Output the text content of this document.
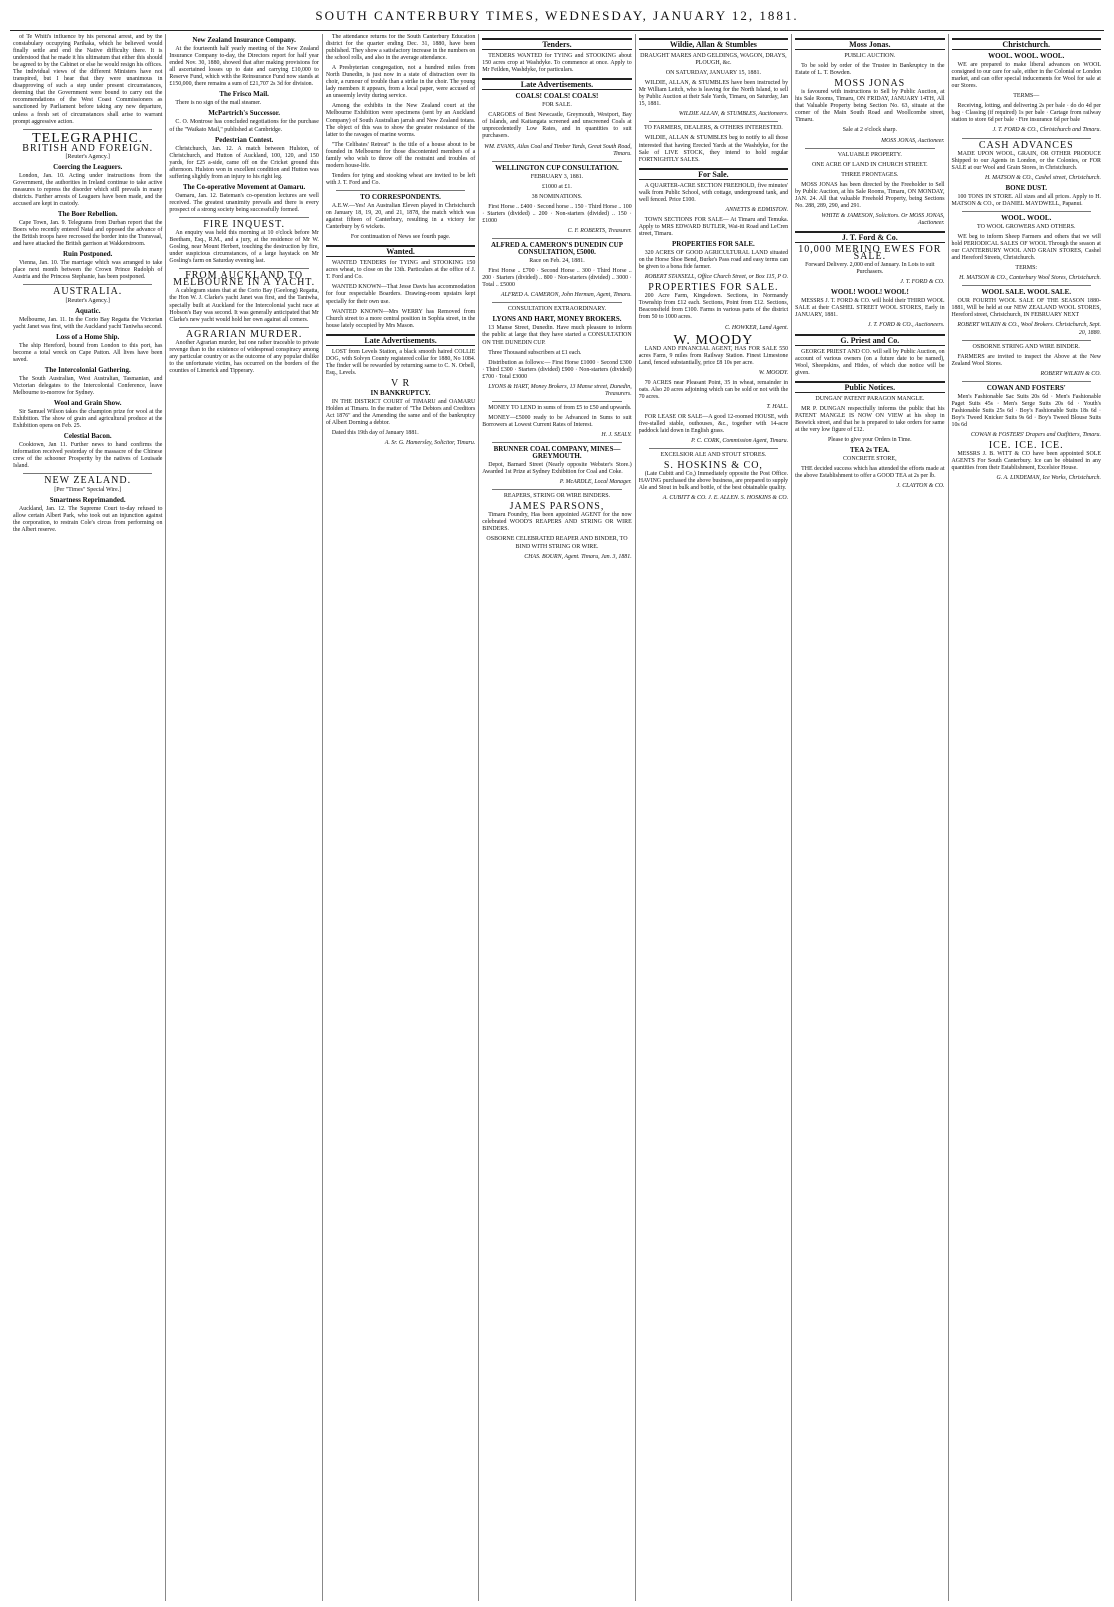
SOUTH CANTERBURY TIMES, WEDNESDAY, JANUARY 12, 1881.

of Te Whiti's influence by his personal arrest, and by the constabulary occupying Parihaka, which he believed would finally settle and end the Native difficulty there. It is understood that he made it his ultimatum that either this should be agreed to by the Cabinet or else he would resign his offices. The individual views of the different Ministers have not transpired, but I hear that they were unanimous in disapproving of such a step under present circumstances, deeming that the Government were bound to carry out the recommendations of the West Coast Commissioners as sanctioned by Parliament before taking any new departure, unless a fresh set of circumstances shall arise to warrant prompt aggressive action.

TELEGRAPHIC.
BRITISH AND FOREIGN.
[Reuter's Agency.]
Coercing the Leaguers.

London, Jan. 10. Acting under instructions from the Government, the authorities in Ireland continue to take active measures to repress the disorder which still prevails in many districts. Further arrests of Leaguers have been made, and the accused are kept in custody.

The Boer Rebellion.

Cape Town, Jan. 9. Telegrams from Durban report that the Boers who recently entered Natal and opposed the advance of the British troops have recrossed the border into the Transvaal, and have attacked the British garrison at Wakkerstroom.

Ruin Postponed.

Vienna, Jan. 10. The marriage which was arranged to take place next month between the Crown Prince Rudolph of Austria and the Princess Stephanie, has been postponed.

AUSTRALIA.
[Reuter's Agency.]
Aquatic.

Melbourne, Jan. 11. In the Corio Bay Regatta the Victorian yacht Janet was first, with the Auckland yacht Taniwha second.

Loss of a Home Ship.

The ship Hereford, bound from London to this port, has become a total wreck on Cape Patton. All lives have been saved.

The Intercolonial Gathering.

The South Australian, West Australian, Tasmanian, and Victorian delegates to the Intercolonial Conference, leave Melbourne to-morrow for Sydney.

Wool and Grain Show.

Sir Samuel Wilson takes the champion prize for wool at the Exhibition. The show of grain and agricultural produce at the Exhibition opens on Feb. 25.

Celestial Bacon.

Cooktown, Jan 11. Further news to hand confirms the information received yesterday of the massacre of the Chinese crew of the schooner Prosperity by the natives of Louisade Island.

NEW ZEALAND.
[Per "Times" Special Wire.]
Smartness Reprimanded.

Auckland, Jan. 12. The Supreme Court to-day refused to allow certain Albert Park, who took out an injunction against the corporation, to restrain Cole's circus from performing on the Albert reserve.

New Zealand Insurance Company.

At the fourteenth half yearly meeting of the New Zealand Insurance Company to-day, the Directors report for half year ended Nov. 30, 1880, showed that after making provisions for all ascertained losses up to date and carrying £10,000 to Reserve Fund, which with the Reinsurance Fund now stands at £150,000, there remains a sum of £21,707 2s 3d for division.

The Frisco Mail.

There is no sign of the mail steamer.

McPartrich's Successor.

C. O. Montrose has concluded negotiations for the purchase of the "Waikato Mail," published at Cambridge.

Pedestrian Contest.

Christchurch, Jan. 12. A match between Hulston, of Christchurch, and Hutton of Auckland, 100, 120, and 150 yards, for £25 a-side, came off on the Cricket ground this afternoon. Hulston won in excellent condition and Hutton was suffering slightly from an injury to his right leg.

The Co-operative Movement at Oamaru.

Oamaru, Jan. 12. Bateman's co-operation lectures are well received. The greatest unanimity prevails and there is every prospect of a strong society being successfully formed.

FIRE INQUEST.

An enquiry was held this morning at 10 o'clock before Mr Beetham, Esq., R.M., and a jury, at the residence of Mr W. Gosling, near Mount Herbert, touching the destruction by fire, under suspicious circumstances, of a large haystack on Mr Gosling's farm on Saturday evening last.

FROM AUCKLAND TO MELBOURNE IN A YACHT.

A cablegram states that at the Corio Bay (Geelong) Regatta, the Hon W. J. Clarke's yacht Janet was first, and the Taniwha, specially built at Auckland for the Intercolonial yacht race at Hobson's Bay was second. It was generally anticipated that Mr Clarke's new yacht would hold her own against all comers.

AGRARIAN MURDER.

Another Agrarian murder, but one rather traceable to private revenge than to the existence of widespread conspiracy among any particular country or as the outcome of any popular dislike to the unfortunate victim, has occurred on the borders of the counties of Limerick and Tipperary.

The attendance returns for the South Canterbury Education district for the quarter ending Dec. 31, 1880, have been published. They show a satisfactory increase in the numbers on the school rolls, and also in the average attendance.

A Presbyterian congregation, not a hundred miles from North Dunedin, is just now in a state of distraction over its choir, a rumour of trouble than a strike in the choir. The young lady members it appears, from a local paper, were accused of an unseemly levity during service.

Among the exhibits in the New Zealand court at the Melbourne Exhibition were specimens (sent by an Auckland Company) of South Australian jarrah and New Zealand totara. The object of this was to show the greater resistance of the latter to the ravages of marine worms.

"The Celibates' Retreat" is the title of a house about to be founded in Melbourne for those discontented members of a family who wish to throw off the restraint and troubles of modern house-life.

Tenders for tying and stooking wheat are invited to be left with J. T. Ford and Co.

TO CORRESPONDENTS.

A.E.W.—Yes! An Australian Eleven played in Christchurch on January 18, 19, 20, and 21, 1878, the match which was against fifteen of Canterbury, resulting in a victory for Canterbury by 6 wickets.

For continuation of News see fourth page.

Wanted.

WANTED TENDERS for TYING and STOOKING 150 acres wheat, to close on the 13th. Particulars at the office of J. T. Ford and Co.

WANTED KNOWN—That Jesse Davis has accommodation for four respectable Boarders. Drawing-room upstairs kept specially for their own use.

WANTED KNOWN—Mrs WERRY has Removed from Church street to a more central position in Sophia street, in the house lately occupied by Mrs Mason.

Late Advertisements.

LOST from Levels Station, a black smooth haired COLLIE DOG, with Solvyn County registered collar for 1880, No 1084. The finder will be rewarded by returning same to C. N. Orbell, Esq., Levels.

V R
IN BANKRUPTCY.

IN THE DISTRICT COURT of TIMARU and OAMARU Holden at Timaru. In the matter of "The Debtors and Creditors Act 1876" and the Amending the same and of the bankruptcy of Albert Dorning a debtor.

Dated this 19th day of January 1881.

A. Sr. G. Hamersley, Solicitor, Timaru.

Tenders.

TENDERS WANTED for TYING and STOOKING about 150 acres crop at Washdyke. To commence at once. Apply to Mr Feilden, Washdyke, for particulars.

Late Advertisements.
COALS! COALS! COALS!
FOR SALE.

CARGOES of Best Newcastle, Greymouth, Westport, Bay of Islands, and Kaitangata screened and unscreened Coals at unprecedentedly Low Rates, and in quantities to suit purchasers.

WM. EVANS, Atlas Coal and Timber Yards, Great South Road, Timaru.

WELLINGTON CUP CONSULTATION.
FEBRUARY 3, 1881.
£1000 at £1.
38 NOMINATIONS.

First Horse .. £400 · Second horse .. 150 · Third Horse .. 100 · Starters (divided) .. 200 · Non-starters (divided) .. 150 · £1000

C. F. ROBERTS, Treasurer.

ALFRED A. CAMERON'S DUNEDIN CUP CONSULTATION, £5000.
Race on Feb. 24, 1881.

First Horse .. £700 · Second Horse .. 300 · Third Horse .. 200 · Starters (divided) .. 800 · Non-starters (divided) .. 3000 · Total .. £5000

ALFRED A. CAMERON, John Herman, Agent, Timaru.

CONSULTATION EXTRAORDINARY.
LYONS AND HART, MONEY BROKERS.

13 Manse Street, Dunedin. Have much pleasure to inform the public at large that they have started a CONSULTATION ON THE DUNEDIN CUP.

Three Thousand subscribers at £1 each.

Distribution as follows:— First Horse £1000 · Second £300 · Third £300 · Starters (divided) £900 · Non-starters (divided) £700 · Total £3000

LYONS & HART, Money Brokers, 13 Manse street, Dunedin, Treasurers.

MONEY TO LEND in sums of from £5 to £50 and upwards.

MONEY—£5000 ready to be Advanced in Sums to suit Borrowers at Lowest Current Rates of Interest.

H. J. SEALY.

BRUNNER COAL COMPANY, MINES—GREYMOUTH.

Depot, Barnard Street (Nearly opposite Webster's Store.) Awarded 1st Prize at Sydney Exhibition for Coal and Coke.

P. McARDLE, Local Manager.

REAPERS, STRING OR WIRE BINDERS.
JAMES PARSONS,

Timaru Foundry, Has been appointed AGENT for the now celebrated WOOD'S REAPERS AND STRING OR WIRE BINDERS.

OSBORNE CELEBRATED REAPER AND BINDER, TO BIND WITH STRING OR WIRE.

CHAS. BOURN, Agent. Timaru, Jan. 3, 1881.

Wildie, Allan & Stumbles
DRAUGHT MARES AND GELDINGS, WAGON, DRAYS, PLOUGH, &c.
ON SATURDAY, JANUARY 15, 1881.

WILDIE, ALLAN, & STUMBLES have been instructed by Mr William Leitch, who is leaving for the North Island, to sell by Public Auction at their Sale Yards, Timaru, on Saturday, Jan 15, 1881.

WILDIE ALLAN, & STUMBLES, Auctioneers.

TO FARMERS, DEALERS, & OTHERS INTERESTED.

WILDIE, ALLAN & STUMBLES beg to notify to all those interested that having Erected Yards at the Washdyke, for the Sale of LIVE STOCK, they intend to hold regular FORTNIGHTLY SALES.

For Sale.

A QUARTER-ACRE SECTION FREEHOLD, five minutes' walk from Public School, with cottage, underground tank, and well fenced. Price £100.

ANNETTS & EDMISTON.

TOWN SECTIONS FOR SALE— At Timaru and Temuka. Apply to MRS EDWARD BUTLER, Wai-iti Road and LeCren street, Timaru.

PROPERTIES FOR SALE.

320 ACRES OF GOOD AGRICULTURAL LAND situated on the Horse Shoe Bend, Burke's Pass road and easy terms can be given to a bona fide farmer.

ROBERT STANSELL, Office Church Street, or Box 115, P O.

PROPERTIES FOR SALE.

200 Acre Farm, Kingsdown. Sections, in Normandy Township from £12 each. Sections, Point from £12. Sections, Beaconsfield from £100. Farms in various parts of the district from 50 to 1000 acres.

C. HOWKER, Land Agent.

W. MOODY

LAND AND FINANCIAL AGENT, HAS FOR SALE 550 acres Farm, 9 miles from Railway Station. Finest Limestone Land, fenced substantially, price £8 10s per acre.

W. MOODY.

70 ACRES near Pleasant Point, 35 in wheat, remainder in oats. Also 20 acres adjoining which can be sold or not with the 70 acres.

T. HALL.

FOR LEASE OR SALE—A good 12-roomed HOUSE, with five-stalled stable, outhouses, &c., together with 14-acre paddock laid down in English grass.

P. C. CORK, Commission Agent, Timaru.

EXCELSIOR ALE AND STOUT STORES.
S. HOSKINS & CO,

(Late Cubitt and Co,) Immediately opposite the Post Office. HAVING purchased the above business, are prepared to supply Ale and Stout in bulk and bottle, of the best obtainable quality.

A. CUBITT & CO. J. E. ALLEN. S. HOSKINS & CO.

Moss Jonas.
PUBLIC AUCTION.

To be sold by order of the Trustee in Bankruptcy in the Estate of L. T. Bowden.

MOSS JONAS

is favoured with instructions to Sell by Public Auction, at his Sale Rooms, Timaru, ON FRIDAY, JANUARY 14TH, All that Valuable Property being Section No. 63, situate at the corner of the Main South Road and Woollcombe street, Timaru.

Sale at 2 o'clock sharp.

MOSS JONAS, Auctioneer.

VALUABLE PROPERTY.
ONE ACRE OF LAND IN CHURCH STREET.
THREE FRONTAGES.

MOSS JONAS has been directed by the Freeholder to Sell by Public Auction, at his Sale Rooms, Timaru, ON MONDAY, JAN. 24. All that valuable Freehold Property, being Sections No. 288, 289, 290, and 291.

WHITE & JAMESON, Solicitors. Or MOSS JONAS, Auctioneer.

J. T. Ford & Co.
10,000 MERINO EWES FOR SALE.

Forward Delivery. 2,000 end of January. In Lots to suit Purchasers.

J. T. FORD & CO.

WOOL! WOOL! WOOL!

MESSRS J. T. FORD & CO. will hold their THIRD WOOL SALE at their CASHEL STREET WOOL STORES, Early in JANUARY, 1881.

J. T. FORD & CO., Auctioneers.

G. Priest and Co.

GEORGE PRIEST AND CO. will sell by Public Auction, on account of various owners (on a future date to be named), Wool, Sheepskins, and Hides, of which due notice will be given.

Public Notices.
DUNGAN' PATENT PARAGON MANGLE.

MR P. DUNGAN respectfully informs the public that his PATENT MANGLE IS NOW ON VIEW at his shop in Beswick street, and that he is prepared to take orders for same at the very low figure of £12.

Please to give your Orders in Time.

TEA 2s TEA.
CONCRETE STORE,

THE decided success which has attended the efforts made at the above Establishment to offer a GOOD TEA at 2s per lb.

J. CLAYTON & CO.

Christchurch.
WOOL. WOOL. WOOL.

WE are prepared to make liberal advances on WOOL consigned to our care for sale, either in the Colonial or London market, and can offer special inducements for Wool for sale at our Stores.

TERMS—

Receiving, lotting, and delivering 2s per bale · do do 4d per bag · Classing (if required) 1s per bale · Cartage from railway station to store 6d per bale · Fire insurance 6d per bale

J. T. FORD & CO., Christchurch and Timaru.

CASH ADVANCES

MADE UPON WOOL, GRAIN, OR OTHER PRODUCE Shipped to our Agents in London, or the Colonies, or FOR SALE at our Wool and Grain Stores, in Christchurch.

H. MATSON & CO., Cashel street, Christchurch.

BONE DUST.

100 TONS IN STORE. All sizes and all prices. Apply to H. MATSON & CO., or DANIEL MAYDWELL, Papanui.

WOOL. WOOL.
TO WOOL GROWERS AND OTHERS.

WE beg to inform Sheep Farmers and others that we will hold PERIODICAL SALES OF WOOL Through the season at our CANTERBURY WOOL AND GRAIN STORES, Cashel and Hereford Streets, Christchurch.

TERMS:

H. MATSON & CO., Canterbury Wool Stores, Christchurch.

WOOL SALE. WOOL SALE.

OUR FOURTH WOOL SALE OF THE SEASON 1880-1881, Will be held at our NEW ZEALAND WOOL STORES, Hereford street, Christchurch, IN FEBRUARY NEXT

ROBERT WILKIN & CO., Wool Brokers. Christchurch, Sept. 20, 1880.

OSBORNE STRING AND WIRE BINDER.

FARMERS are invited to inspect the Above at the New Zealand Wool Stores.

ROBERT WILKIN & CO.

COWAN AND FOSTERS'

Men's Fashionable Sac Suits 20s 6d · Men's Fashionable Paget Suits 45s · Men's Serge Suits 20s 6d · Youth's Fashionable Suits 25s 6d · Boy's Fashionable Suits 18s 6d · Boy's Tweed Knicker Suits 9s 6d · Boy's Tweed Blouse Suits 10s 6d

COWAN & FOSTERS' Drapers and Outfitters, Timaru.

ICE. ICE. ICE.

MESSRS J. B. WITT & CO have been appointed SOLE AGENTS For South Canterbury. Ice can be obtained in any quantities from their Establishment, Excelsior House.

G. A. LINDEMAN, Ice Works, Christchurch.
